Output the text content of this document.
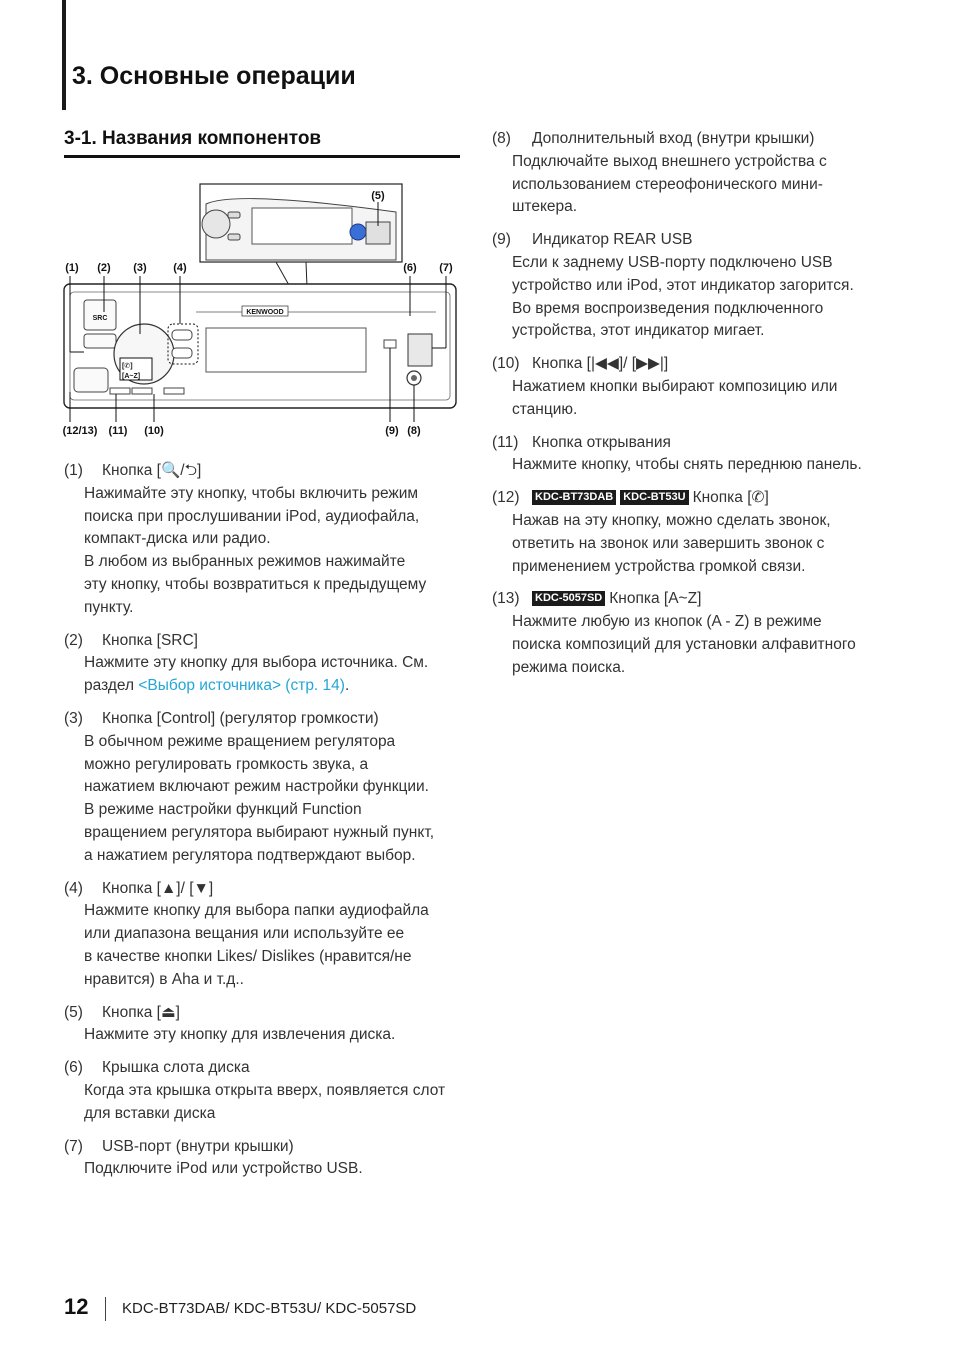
3. Основные операции
3-1. Названия компонентов
(5)
(1) (2) (3) (4)	(6) (7)
KENWOOD
SRC
[✆]
[A~Z]
(12/13) (11) (10)	(9) (8)
(1)	Кнопка [🔍/⮌]
Нажимайте эту кнопку, чтобы включить режим
поиска при прослушивании iPod, аудиофайла,
компакт-диска или радио.
В любом из выбранных режимов нажимайте
эту кнопку, чтобы возвратиться к предыдущему
пункту.
(2)	Кнопка [SRC]
Нажмите эту кнопку для выбора источника. См.
раздел <Выбор источника> (стр. 14).
(3)	Кнопка [Control] (регулятор громкости)
В обычном режиме вращением регулятора
можно регулировать громкость звука, а
нажатием включают режим настройки функции.
В режиме настройки функций Function
вращением регулятора выбирают нужный пункт,
а нажатием регулятора подтверждают выбор.
(4)	Кнопка [▲]/ [▼]
Нажмите кнопку для выбора папки аудиофайла
или диапазона вещания или используйте ее
в качестве кнопки Likes/ Dislikes (нравится/не
нравится) в Aha и т.д..
(5)	Кнопка [⏏]
Нажмите эту кнопку для извлечения диска.
(6)	Крышка слота диска
Когда эта крышка открыта вверх, появляется слот
для вставки диска
(7)	USB-порт (внутри крышки)
Подключите iPod или устройство USB.
(8)	Дополнительный вход (внутри крышки)
Подключайте выход внешнего устройства с
использованием стереофонического мини-
штекера.
(9)	Индикатор REAR USB
Если к заднему USB-порту подключено USB
устройство или iPod, этот индикатор загорится.
Во время воспроизведения подключенного
устройства, этот индикатор мигает.
(10) Кнопка [|◀◀]/ [▶▶|]
Нажатием кнопки выбирают композицию или
станцию.
(11) Кнопка открывания
Нажмите кнопку, чтобы снять переднюю панель.
(12)	KDC-BT73DAB KDC-BT53U Кнопка [✆]
Нажав на эту кнопку, можно сделать звонок,
ответить на звонок или завершить звонок с
применением устройства громкой связи.
(13)	KDC-5057SD Кнопка [A~Z]
Нажмите любую из кнопок (A - Z) в режиме
поиска композиций для установки алфавитного
режима поиска.
12 KDC-BT73DAB/ KDC-BT53U/ KDC-5057SD
